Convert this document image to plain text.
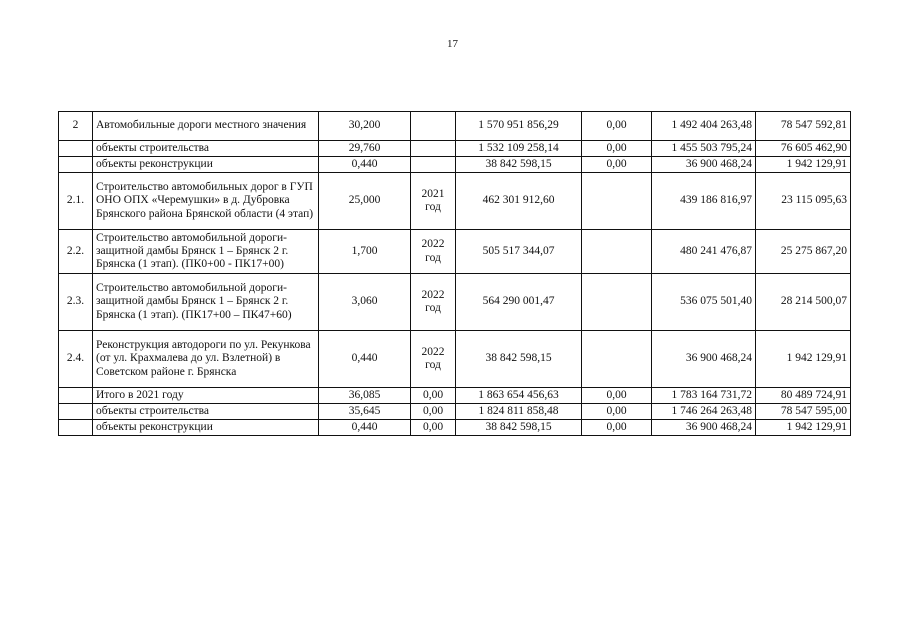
17
2	Автомобильные дороги местного значения	30,200		1 570 951 856,29	0,00	1 492 404 263,48	78 547 592,81
	объекты строительства	29,760		1 532 109 258,14	0,00	1 455 503 795,24	76 605 462,90
	объекты реконструкции	0,440		38 842 598,15	0,00	36 900 468,24	1 942 129,91
2.1.	Строительство автомобильных дорог в ГУП ОНО ОПХ «Черемушки» в д. Дубровка Брянского района Брянской области (4 этап)	25,000	2021 год	462 301 912,60		439 186 816,97	23 115 095,63
2.2.	Строительство автомобильной дороги-защитной дамбы Брянск 1 – Брянск 2 г. Брянска (1 этап). (ПК0+00 - ПК17+00)	1,700	2022 год	505 517 344,07		480 241 476,87	25 275 867,20
2.3.	Строительство автомобильной дороги-защитной дамбы Брянск 1 – Брянск 2 г. Брянска (1 этап). (ПК17+00 – ПК47+60)	3,060	2022 год	564 290 001,47		536 075 501,40	28 214 500,07
2.4.	Реконструкция автодороги по ул. Рекункова (от ул. Крахмалева до ул. Взлетной) в Советском районе г. Брянска	0,440	2022 год	38 842 598,15		36 900 468,24	1 942 129,91
	Итого в 2021 году	36,085	0,00	1 863 654 456,63	0,00	1 783 164 731,72	80 489 724,91
	объекты строительства	35,645	0,00	1 824 811 858,48	0,00	1 746 264 263,48	78 547 595,00
	объекты реконструкции	0,440	0,00	38 842 598,15	0,00	36 900 468,24	1 942 129,91
